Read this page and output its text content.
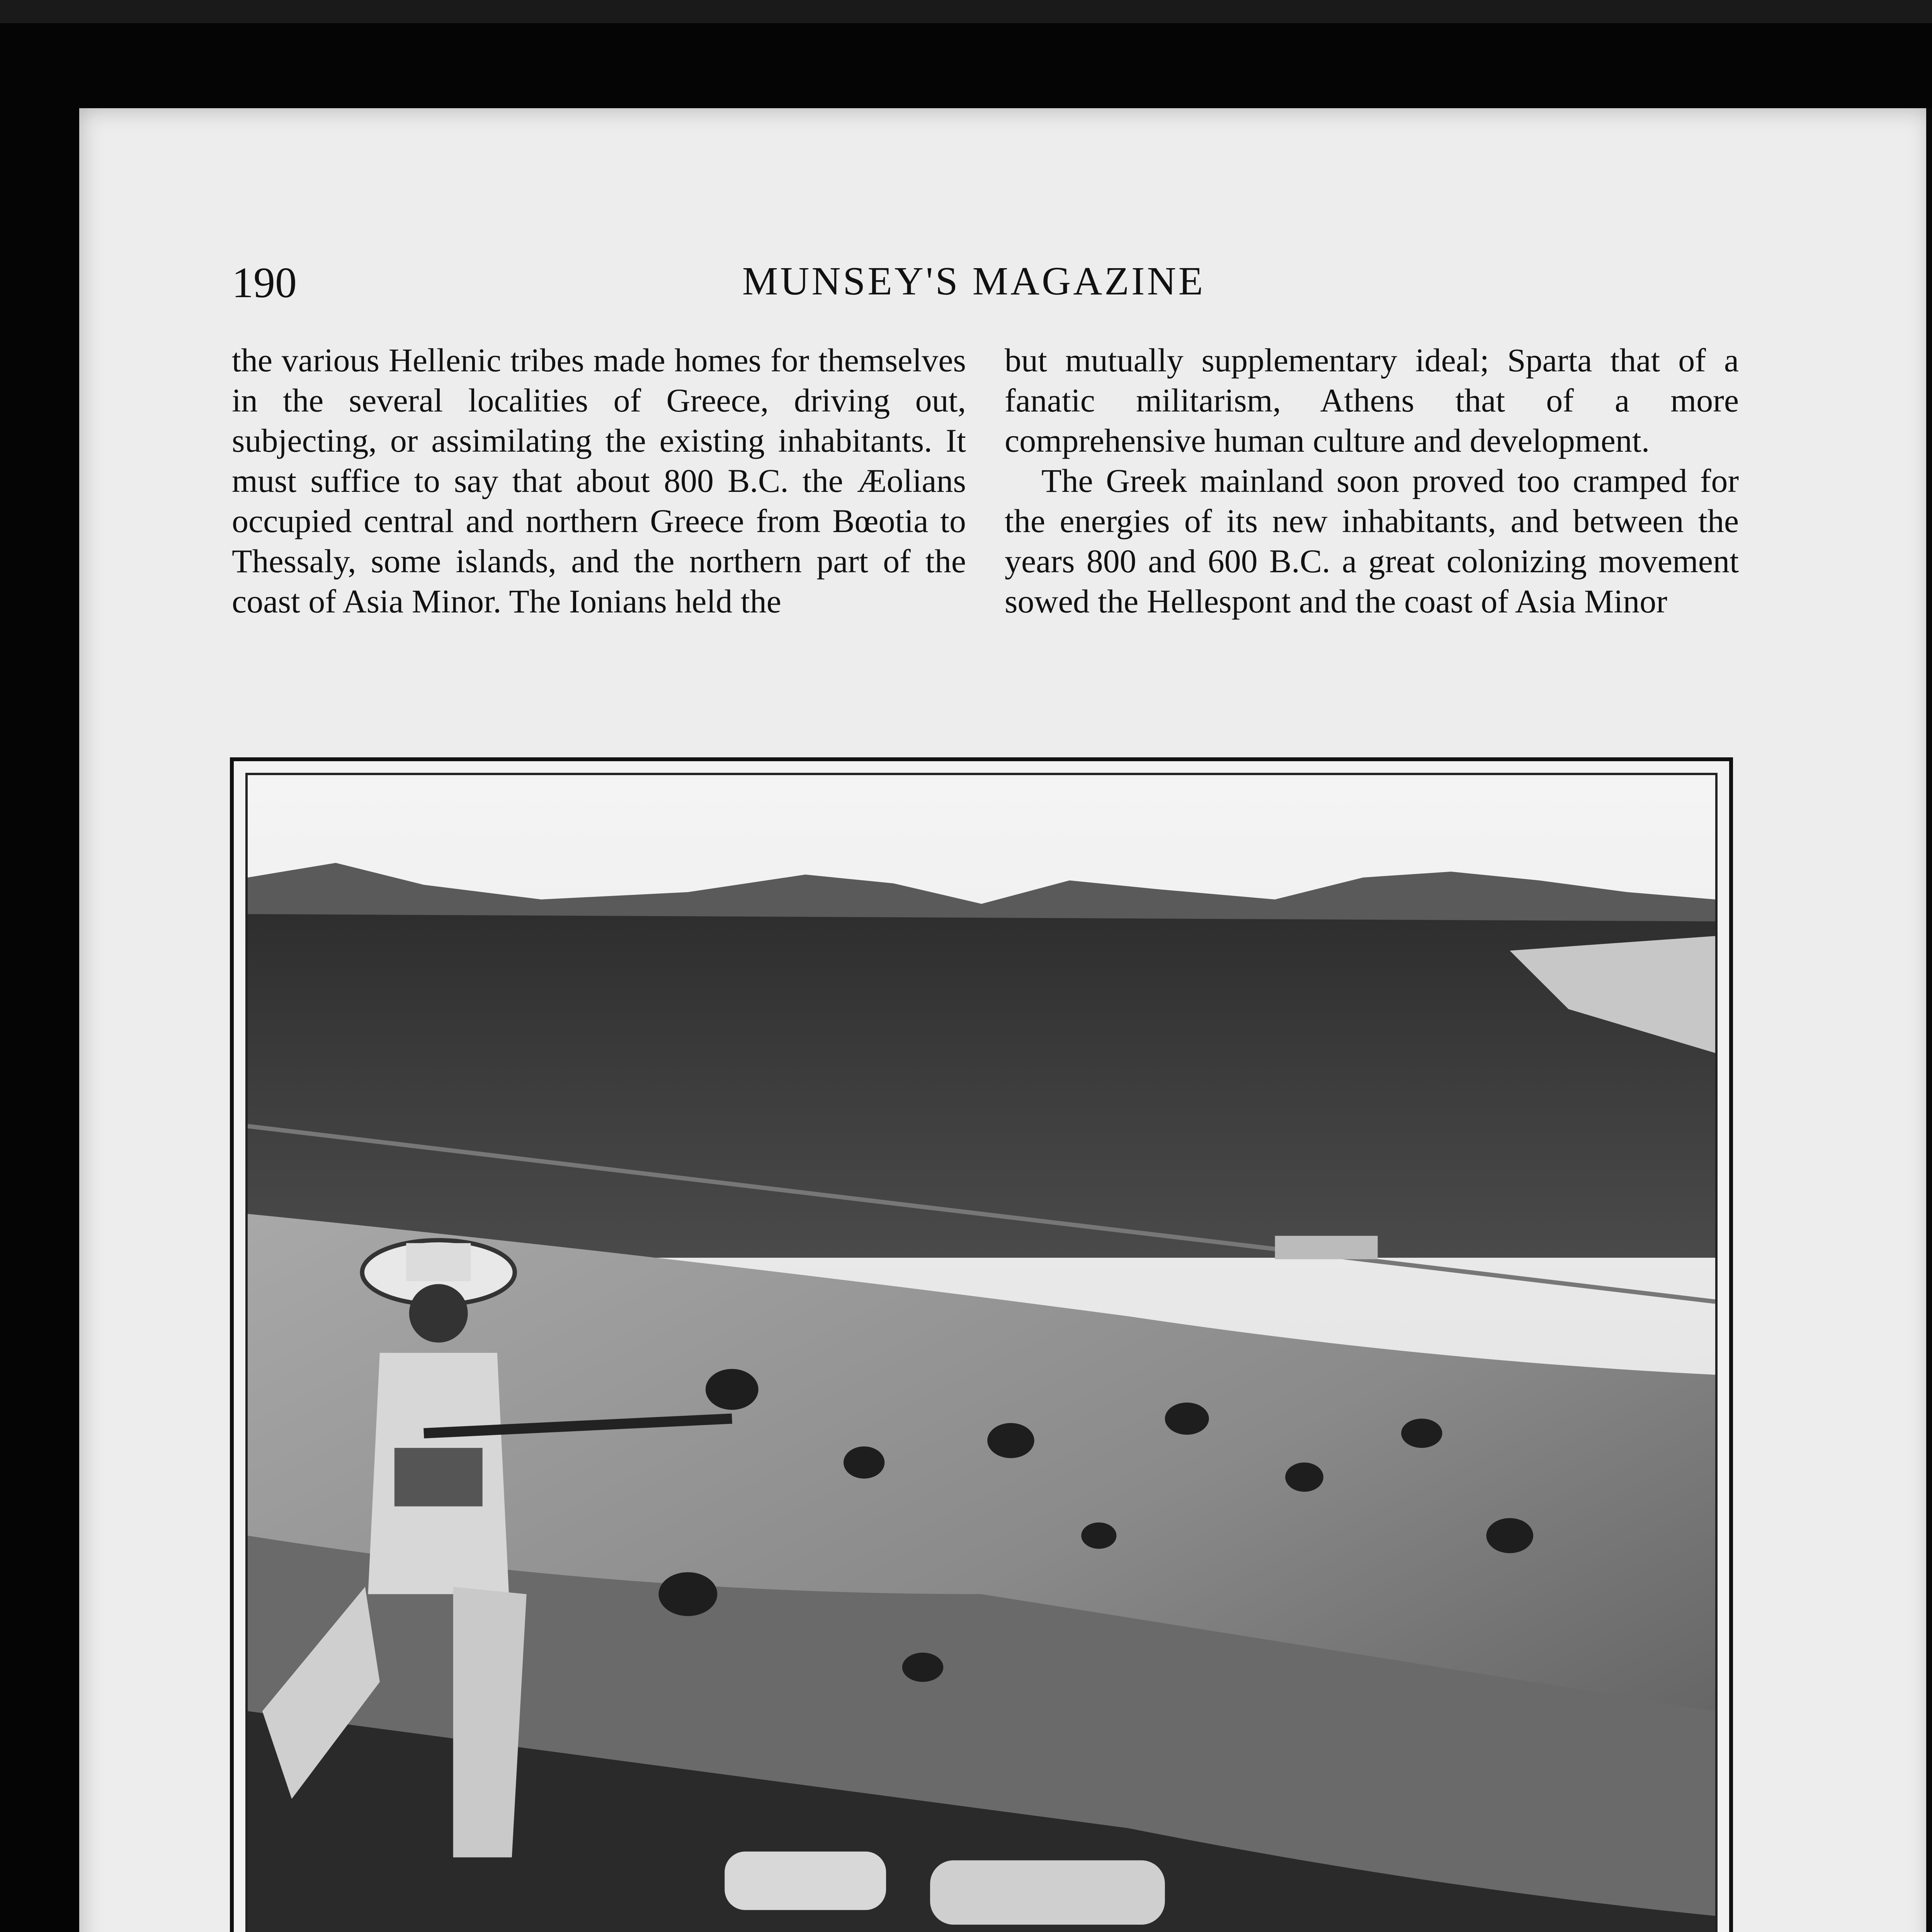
190	MUNSEY'S MAGAZINE

the various Hellenic tribes made homes for themselves in the several localities of Greece, driving out, subjecting, or assimilating the existing inhabitants. It must suffice to say that about 800 B.C. the Æolians occupied central and northern Greece from Bœotia to Thessaly, some islands, and the northern part of the coast of Asia Minor. The Ionians held the

but mutually supplementary ideal; Sparta that of a fanatic militarism, Athens that of a more comprehensive human culture and development.

The Greek mainland soon proved too cramped for the energies of its new inhabitants, and between the years 800 and 600 B.C. a great colonizing movement sowed the Hellespont and the coast of Asia Minor
